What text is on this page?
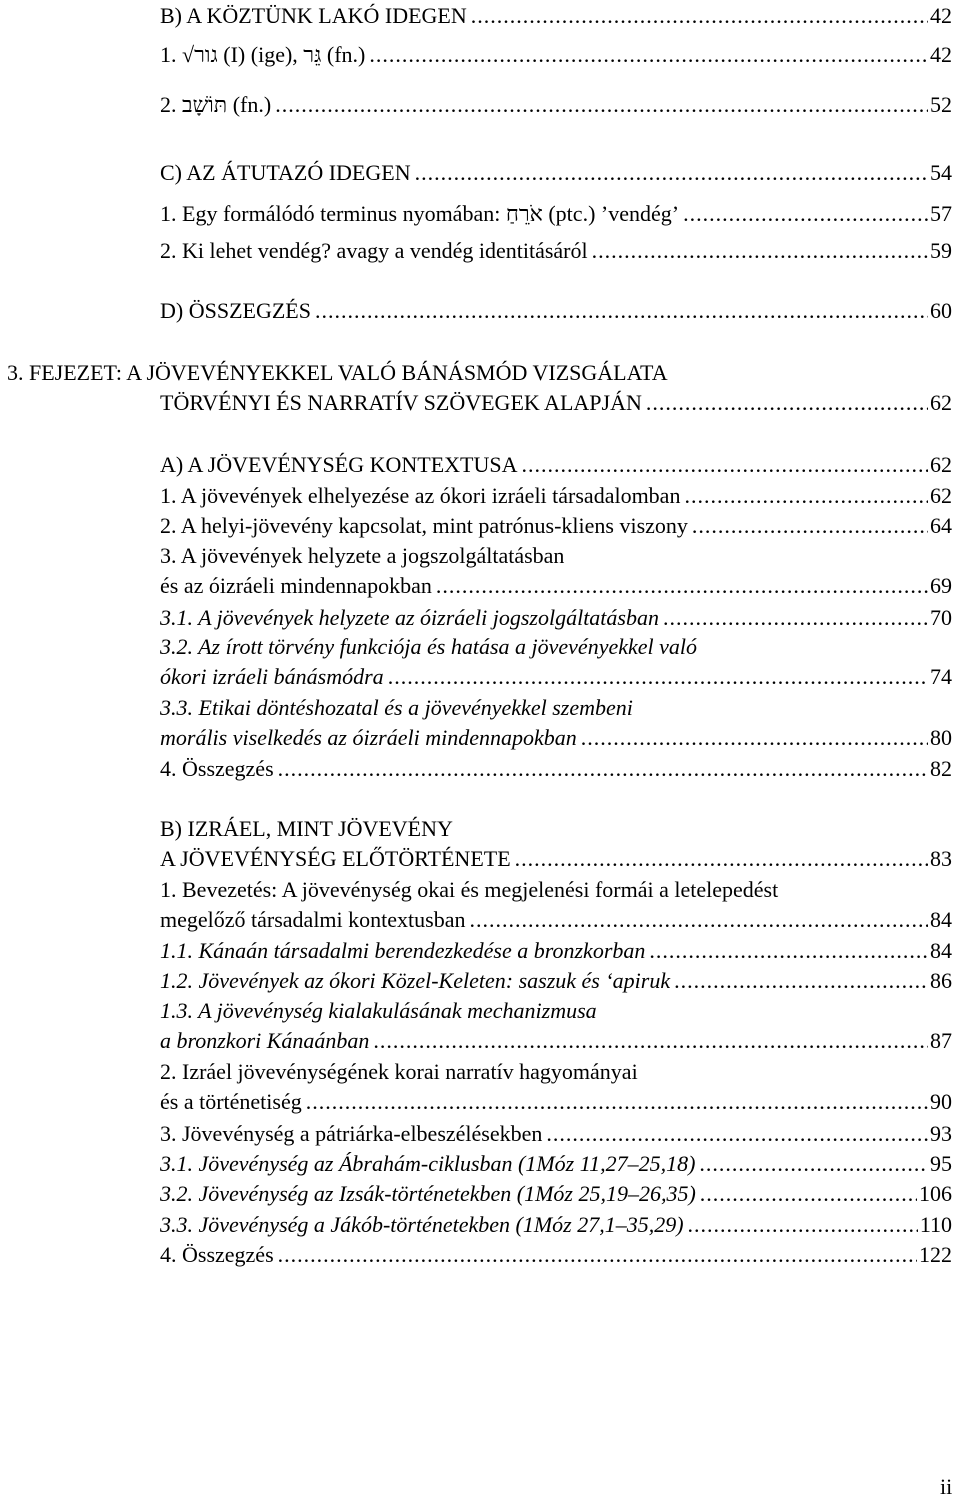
B) A KÖZTÜNK LAKÓ IDEGEN .....	42
1. √גור (I) (ige), גֵּר (fn.) .....	42
2. תּוֹשָׁב (fn.) .....	52
C) AZ ÁTUTAZÓ IDEGEN .....	54
1. Egy formálódó terminus nyomában: אֹרֵחַ (ptc.) ’vendég’ .....	57
2. Ki lehet vendég? avagy a vendég identitásáról .....	59
D) ÖSSZEGZÉS .....	60
3. FEJEZET: A JÖVEVÉNYEKKEL VALÓ BÁNÁSMÓD VIZSGÁLATA
TÖRVÉNYI ÉS NARRATÍV SZÖVEGEK ALAPJÁN .....	62
A) A JÖVEVÉNYSÉG KONTEXTUSA .....	62
1. A jövevények elhelyezése az ókori izráeli társadalomban .....	62
2. A helyi-jövevény kapcsolat, mint patrónus-kliens viszony .....	64
3. A jövevények helyzete a jogszolgáltatásban
és az óizráeli mindennapokban .....	69
3.1. A jövevények helyzete az óizráeli jogszolgáltatásban .....	70
3.2. Az írott törvény funkciója és hatása a jövevényekkel való
ókori izráeli bánásmódra .....	74
3.3. Etikai döntéshozatal és a jövevényekkel szembeni
morális viselkedés az óizráeli mindennapokban .....	80
4. Összegzés .....	82
B) IZRÁEL, MINT JÖVEVÉNY
A JÖVEVÉNYSÉG ELŐTÖRTÉNETE .....	83
1. Bevezetés: A jövevénység okai és megjelenési formái a letelepedést
megelőző társadalmi kontextusban .....	84
1.1. Kánaán társadalmi berendezkedése a bronzkorban .....	84
1.2. Jövevények az ókori Közel-Keleten: saszuk és ‘apiruk .....	86
1.3. A jövevénység kialakulásának mechanizmusa
a bronzkori Kánaánban .....	87
2. Izráel jövevénységének korai narratív hagyományai
és a történetiség .....	90
3. Jövevénység a pátriárka-elbeszélésekben .....	93
3.1. Jövevénység az Ábrahám-ciklusban (1Móz 11,27–25,18) .....	95
3.2. Jövevénység az Izsák-történetekben (1Móz 25,19–26,35) .....	106
3.3. Jövevénység a Jákób-történetekben (1Móz 27,1–35,29) .....	110
4. Összegzés .....	122
ii
